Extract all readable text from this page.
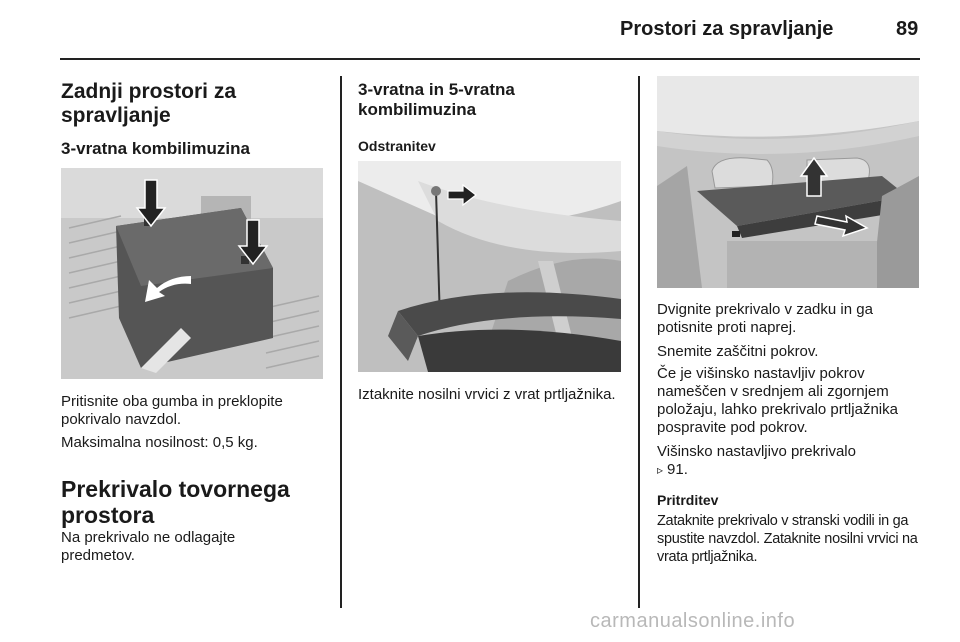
Prostori za spravljanje	89
Zadnji prostori za spravljanje
3-vratna kombilimuzina
Pritisnite oba gumba in preklopite pokrivalo navzdol.
Maksimalna nosilnost: 0,5 kg.
Prekrivalo tovornega prostora
Na prekrivalo ne odlagajte predmetov.
3-vratna in 5-vratna kombilimuzina
Odstranitev
Iztaknite nosilni vrvici z vrat prtljažnika.
Dvignite prekrivalo v zadku in ga potisnite proti naprej.
Snemite zaščitni pokrov.
Če je višinsko nastavljiv pokrov nameščen v srednjem ali zgornjem položaju, lahko prekrivalo prtljažnika pospravite pod pokrov.
Višinsko nastavljivo prekrivalo
▹ 91.
Pritrditev
Zataknite prekrivalo v stranski vodili in ga spustite navzdol. Zataknite nosilni vrvici na vrata prtljažnika.
carmanualsonline.info
